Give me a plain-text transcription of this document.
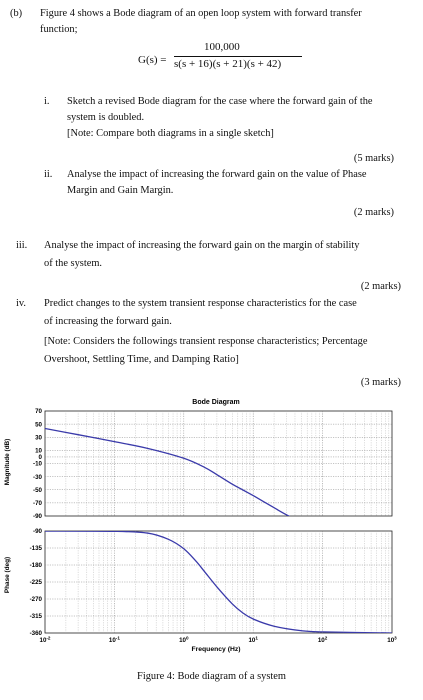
(b) Figure 4 shows a Bode diagram of an open loop system with forward transfer
function;
G(s) =
100,000
s(s + 16)(s + 21)(s + 42)
i. Sketch a revised Bode diagram for the case where the forward gain of the
system is doubled.
[Note: Compare both diagrams in a single sketch]
(5 marks)
ii. Analyse the impact of increasing the forward gain on the value of Phase
Margin and Gain Margin.
(2 marks)
iii. Analyse the impact of increasing the forward gain on the margin of stability
of the system.
(2 marks)
iv. Predict changes to the system transient response characteristics for the case
of increasing the forward gain.
[Note: Considers the followings transient response characteristics; Percentage
Overshoot, Settling Time, and Damping Ratio]
(3 marks)
Bode Diagram
70
50
30
10
0
-10
-30
-50
-70
-90
-90
-135
-180
-225
-270
-315
-360
$10^{-2}$	$10^{-1}$	$10^0$	$10^1$	$10^2$	$10^3$
Magnitude (dB)
Phase (deg)
Frequency (Hz)
Figure 4: Bode diagram of a system
